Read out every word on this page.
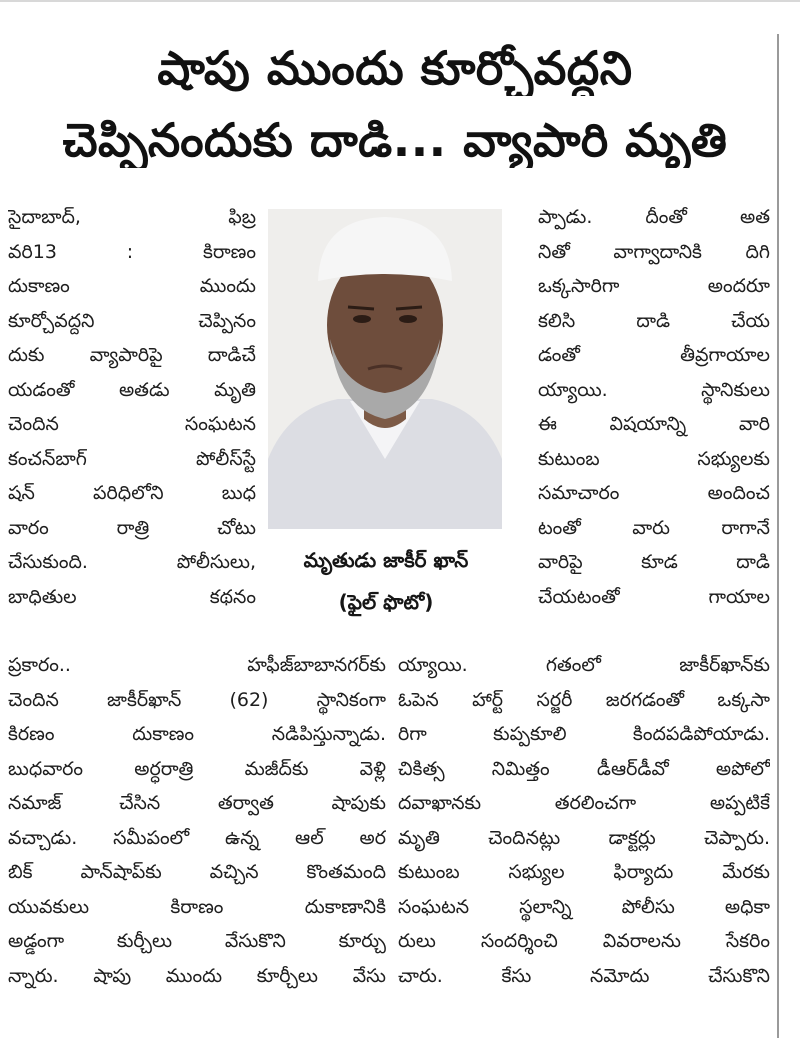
షాపు ముందు కూర్చోవద్దని
చెప్పినందుకు దాడి... వ్యాపారి మృతి
సైదాబాద్, ఫిబ్ర
వరి13 : కిరాణం
దుకాణం ముందు
కూర్చోవద్దని చెప్పినం
దుకు వ్యాపారిపై దాడిచే
యడంతో అతడు మృతి
చెందిన సంఘటన
కంచన్‌బాగ్ పోలీస్‌స్టే
షన్ పరిధిలోని బుధ
వారం రాత్రి చోటు
చేసుకుంది. పోలీసులు,
బాధితుల కథనం
మృతుడు జాకీర్ ఖాన్
(ఫైల్ ఫొటో)
ప్పాడు. దీంతో అత
నితో వాగ్వాదానికి దిగి
ఒక్కసారిగా అందరూ
కలిసి దాడి చేయ
డంతో తీవ్రగాయాల
య్యాయి. స్థానికులు
ఈ విషయాన్ని వారి
కుటుంబ సభ్యులకు
సమాచారం అందించ
టంతో వారు రాగానే
వారిపై కూడ దాడి
చేయటంతో గాయాల
ప్రకారం.. హఫీజ్‌బాబానగర్‌కు
చెందిన జాకీర్‌ఖాన్ (62) స్థానికంగా
కిరణం దుకాణం నడిపిస్తున్నాడు.
బుధవారం అర్ధరాత్రి మజీద్‌కు వెళ్లి
నమాజ్ చేసిన తర్వాత షాపుకు
వచ్చాడు. సమీపంలో ఉన్న ఆల్ అర
బిక్ పాన్‌షాప్‌కు వచ్చిన కొంతమంది
యువకులు కిరాణం దుకాణానికి
అడ్డంగా కుర్చీలు వేసుకొని కూర్చు
న్నారు. షాపు ముందు కూర్చీలు వేసు
య్యాయి. గతంలో జాకీర్‌ఖాన్‌కు
ఓపెన హార్ట్ సర్జరీ జరగడంతో ఒక్కసా
రిగా కుప్పకూలి కిందపడిపోయాడు.
చికిత్స నిమిత్తం డీఆర్‌డీవో అపోలో
దవాఖానకు తరలించగా అప్పటికే
మృతి చెందినట్లు డాక్టర్లు చెప్పారు.
కుటుంబ సభ్యుల ఫిర్యాదు మేరకు
సంఘటన స్థలాన్ని పోలీసు అధికా
రులు సందర్శించి వివరాలను సేకరిం
చారు. కేసు నమోదు చేసుకొని
